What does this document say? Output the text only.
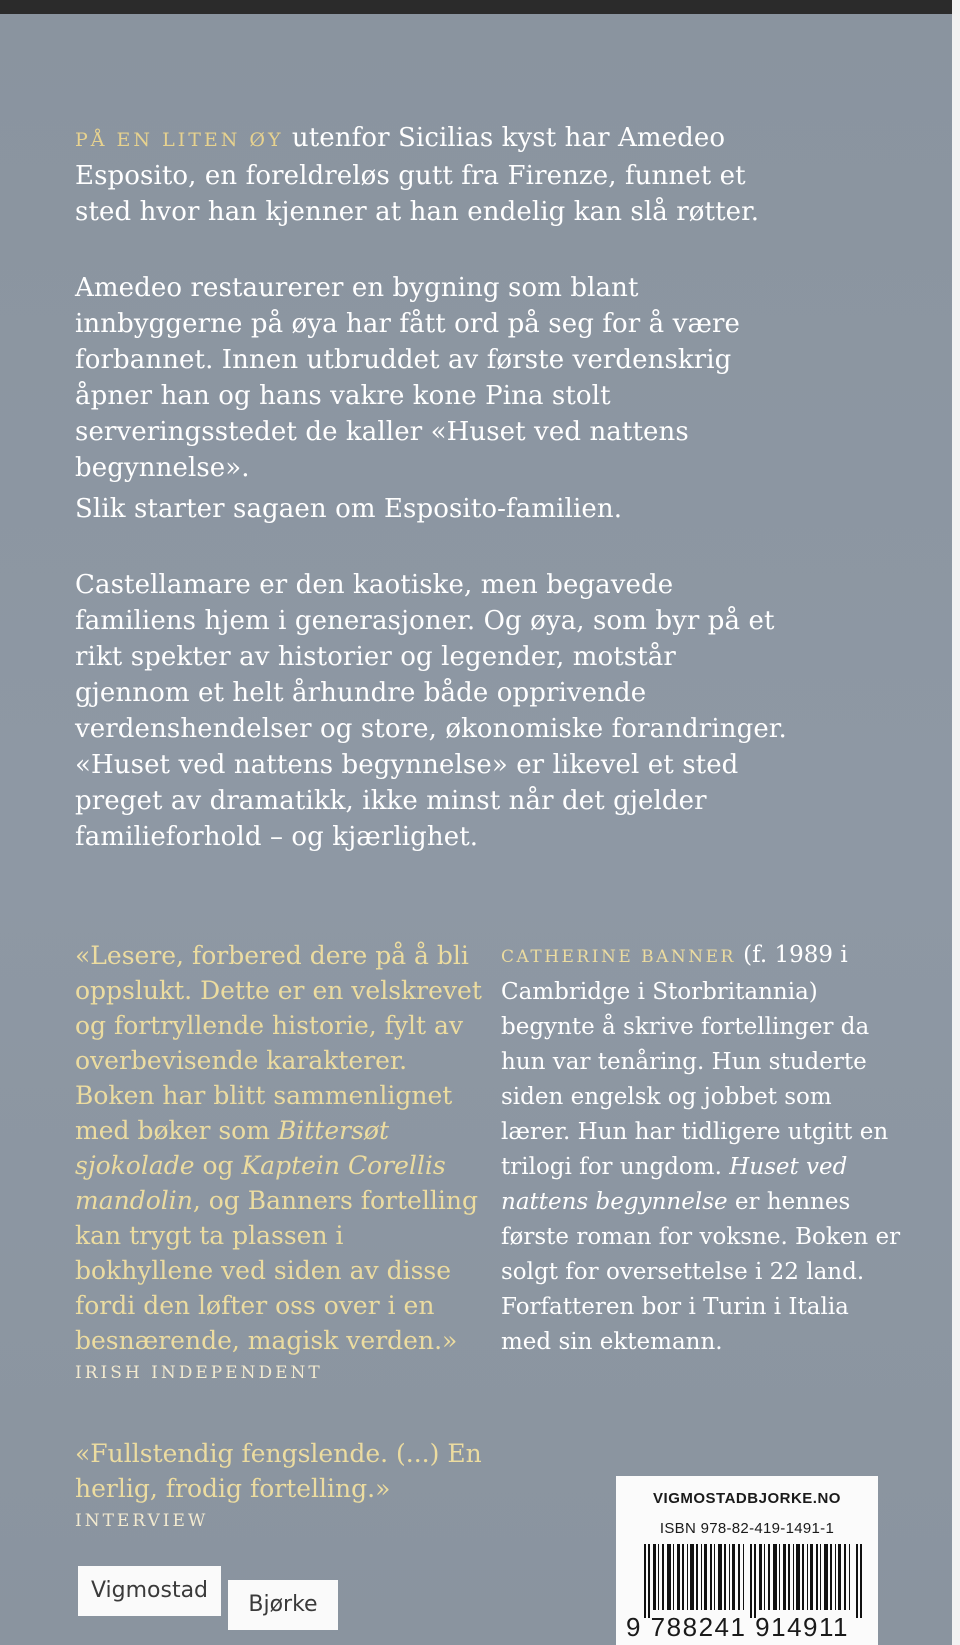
PÅ EN LITEN ØY utenfor Sicilias kyst har Amedeo Esposito, en foreldreløs gutt fra Firenze, funnet et sted hvor han kjenner at han endelig kan slå røtter.
Amedeo restaurerer en bygning som blant innbyggerne på øya har fått ord på seg for å være forbannet. Innen utbruddet av første verdenskrig åpner han og hans vakre kone Pina stolt serveringsstedet de kaller «Huset ved nattens begynnelse».
Slik starter sagaen om Esposito-familien.
Castellamare er den kaotiske, men begavede familiens hjem i generasjoner. Og øya, som byr på et rikt spekter av historier og legender, motstår gjennom et helt århundre både opprivende verdenshendelser og store, økonomiske forandringer. «Huset ved nattens begynnelse» er likevel et sted preget av dramatikk, ikke minst når det gjelder familieforhold – og kjærlighet.
«Lesere, forbered dere på å bli oppslukt. Dette er en velskrevet og fortryllende historie, fylt av overbevisende karakterer. Boken har blitt sammenlignet med bøker som Bittersøt sjokolade og Kaptein Corellis mandolin, og Banners fortelling kan trygt ta plassen i bokhyllene ved siden av disse fordi den løfter oss over i en besnærende, magisk verden.»
IRISH INDEPENDENT
«Fullstendig fengslende. (...) En herlig, frodig fortelling.»
INTERVIEW
CATHERINE BANNER (f. 1989 i Cambridge i Storbritannia) begynte å skrive fortellinger da hun var tenåring. Hun studerte siden engelsk og jobbet som lærer. Hun har tidligere utgitt en trilogi for ungdom. Huset ved nattens begynnelse er hennes første roman for voksne. Boken er solgt for oversettelse i 22 land. Forfatteren bor i Turin i Italia med sin ektemann.
Vigmostad
Bjørke
VIGMOSTADBJORKE.NO
ISBN 978-82-419-1491-1
9 788241 914911
